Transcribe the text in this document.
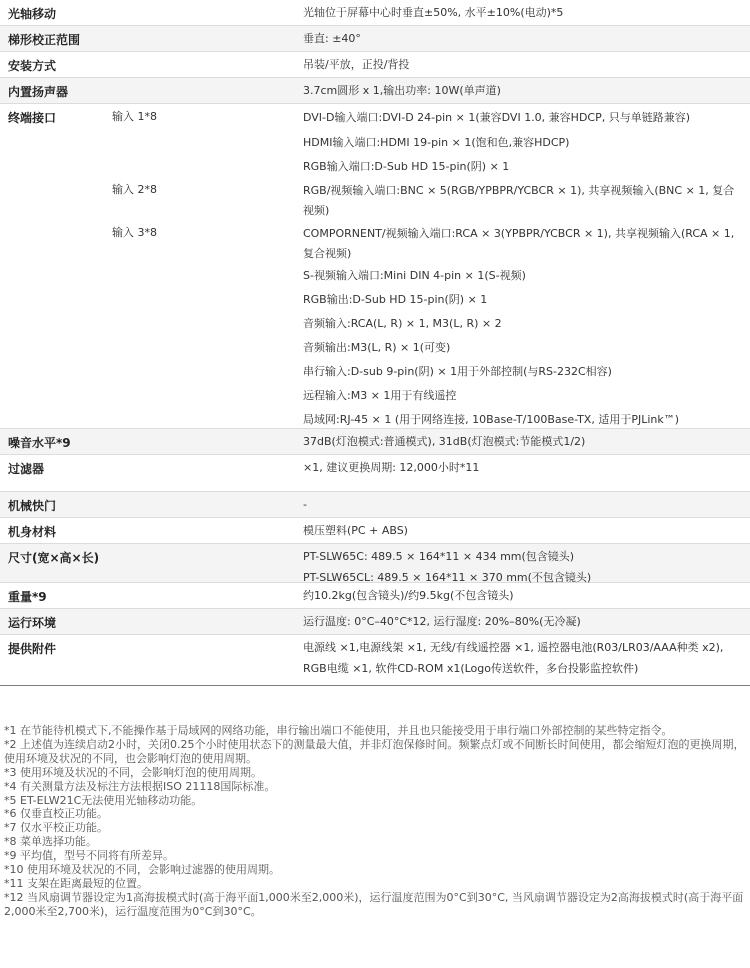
光轴移动	光轴位于屏幕中心时垂直±50%, 水平±10%(电动)*5
梯形校正范围	垂直: ±40°
安装方式	吊装/平放，正投/背投
内置扬声器	3.7cm圆形 x 1,输出功率: 10W(单声道)
终端接口	输入 1*8	DVI-D输入端口:DVI-D 24-pin × 1(兼容DVI 1.0, 兼容HDCP, 只与单链路兼容)
HDMI输入端口:HDMI 19-pin × 1(饱和色,兼容HDCP)
RGB输入端口:D-Sub HD 15-pin(阴) × 1
输入 2*8	RGB/视频输入端口:BNC × 5(RGB/YPBPR/YCBCR × 1), 共享视频输入(BNC × 1, 复合视频)
输入 3*8	COMPORNENT/视频输入端口:RCA × 3(YPBPR/YCBCR × 1), 共享视频输入(RCA × 1, 复合视频)
S-视频输入端口:Mini DIN 4-pin × 1(S-视频)
RGB输出:D-Sub HD 15-pin(阴) × 1
音频输入:RCA(L, R) × 1, M3(L, R) × 2
音频输出:M3(L, R) × 1(可变)
串行输入:D-sub 9-pin(阴) × 1用于外部控制(与RS-232C相容)
远程输入:M3 × 1用于有线遥控
局域网:RJ-45 × 1 (用于网络连接, 10Base-T/100Base-TX, 适用于PJLink™)
噪音水平*9	37dB(灯泡模式:普通模式), 31dB(灯泡模式:节能模式1/2)
过滤器	×1, 建议更换周期: 12,000小时*11
机械快门	-
机身材料	模压塑料(PC + ABS)
尺寸(宽×高×长)	PT-SLW65C: 489.5 × 164*11 × 434 mm(包含镜头)
PT-SLW65CL: 489.5 × 164*11 × 370 mm(不包含镜头)
重量*9	约10.2kg(包含镜头)/约9.5kg(不包含镜头)
运行环境	运行温度: 0°C–40°C*12, 运行湿度: 20%–80%(无冷凝)
提供附件	电源线 ×1,电源线架 ×1, 无线/有线遥控器 ×1, 遥控器电池(R03/LR03/AAA种类 x2),
RGB电缆 ×1, 软件CD-ROM x1(Logo传送软件，多台投影监控软件)
*1 在节能待机模式下,不能操作基于局域网的网络功能，串行输出端口不能使用，并且也只能接受用于串行端口外部控制的某些特定指令。
*2 上述值为连续启动2小时，关闭0.25个小时使用状态下的测量最大值，并非灯泡保修时间。频繁点灯或不间断长时间使用，都会缩短灯泡的更换周期，使用环境及状况的不同，也会影响灯泡的使用周期。
*3 使用环境及状况的不同，会影响灯泡的使用周期。
*4 有关测量方法及标注方法根据ISO 21118国际标准。
*5 ET-ELW21C无法使用光轴移动功能。
*6 仅垂直校正功能。
*7 仅水平校正功能。
*8 菜单选择功能。
*9 平均值，型号不同将有所差异。
*10 使用环境及状况的不同，会影响过滤器的使用周期。
*11 支架在距离最短的位置。
*12 当风扇调节器设定为1高海拔模式时(高于海平面1,000米至2,000米)，运行温度范围为0°C到30°C, 当风扇调节器设定为2高海拔模式时(高于海平面2,000米至2,700米)，运行温度范围为0°C到30°C。
